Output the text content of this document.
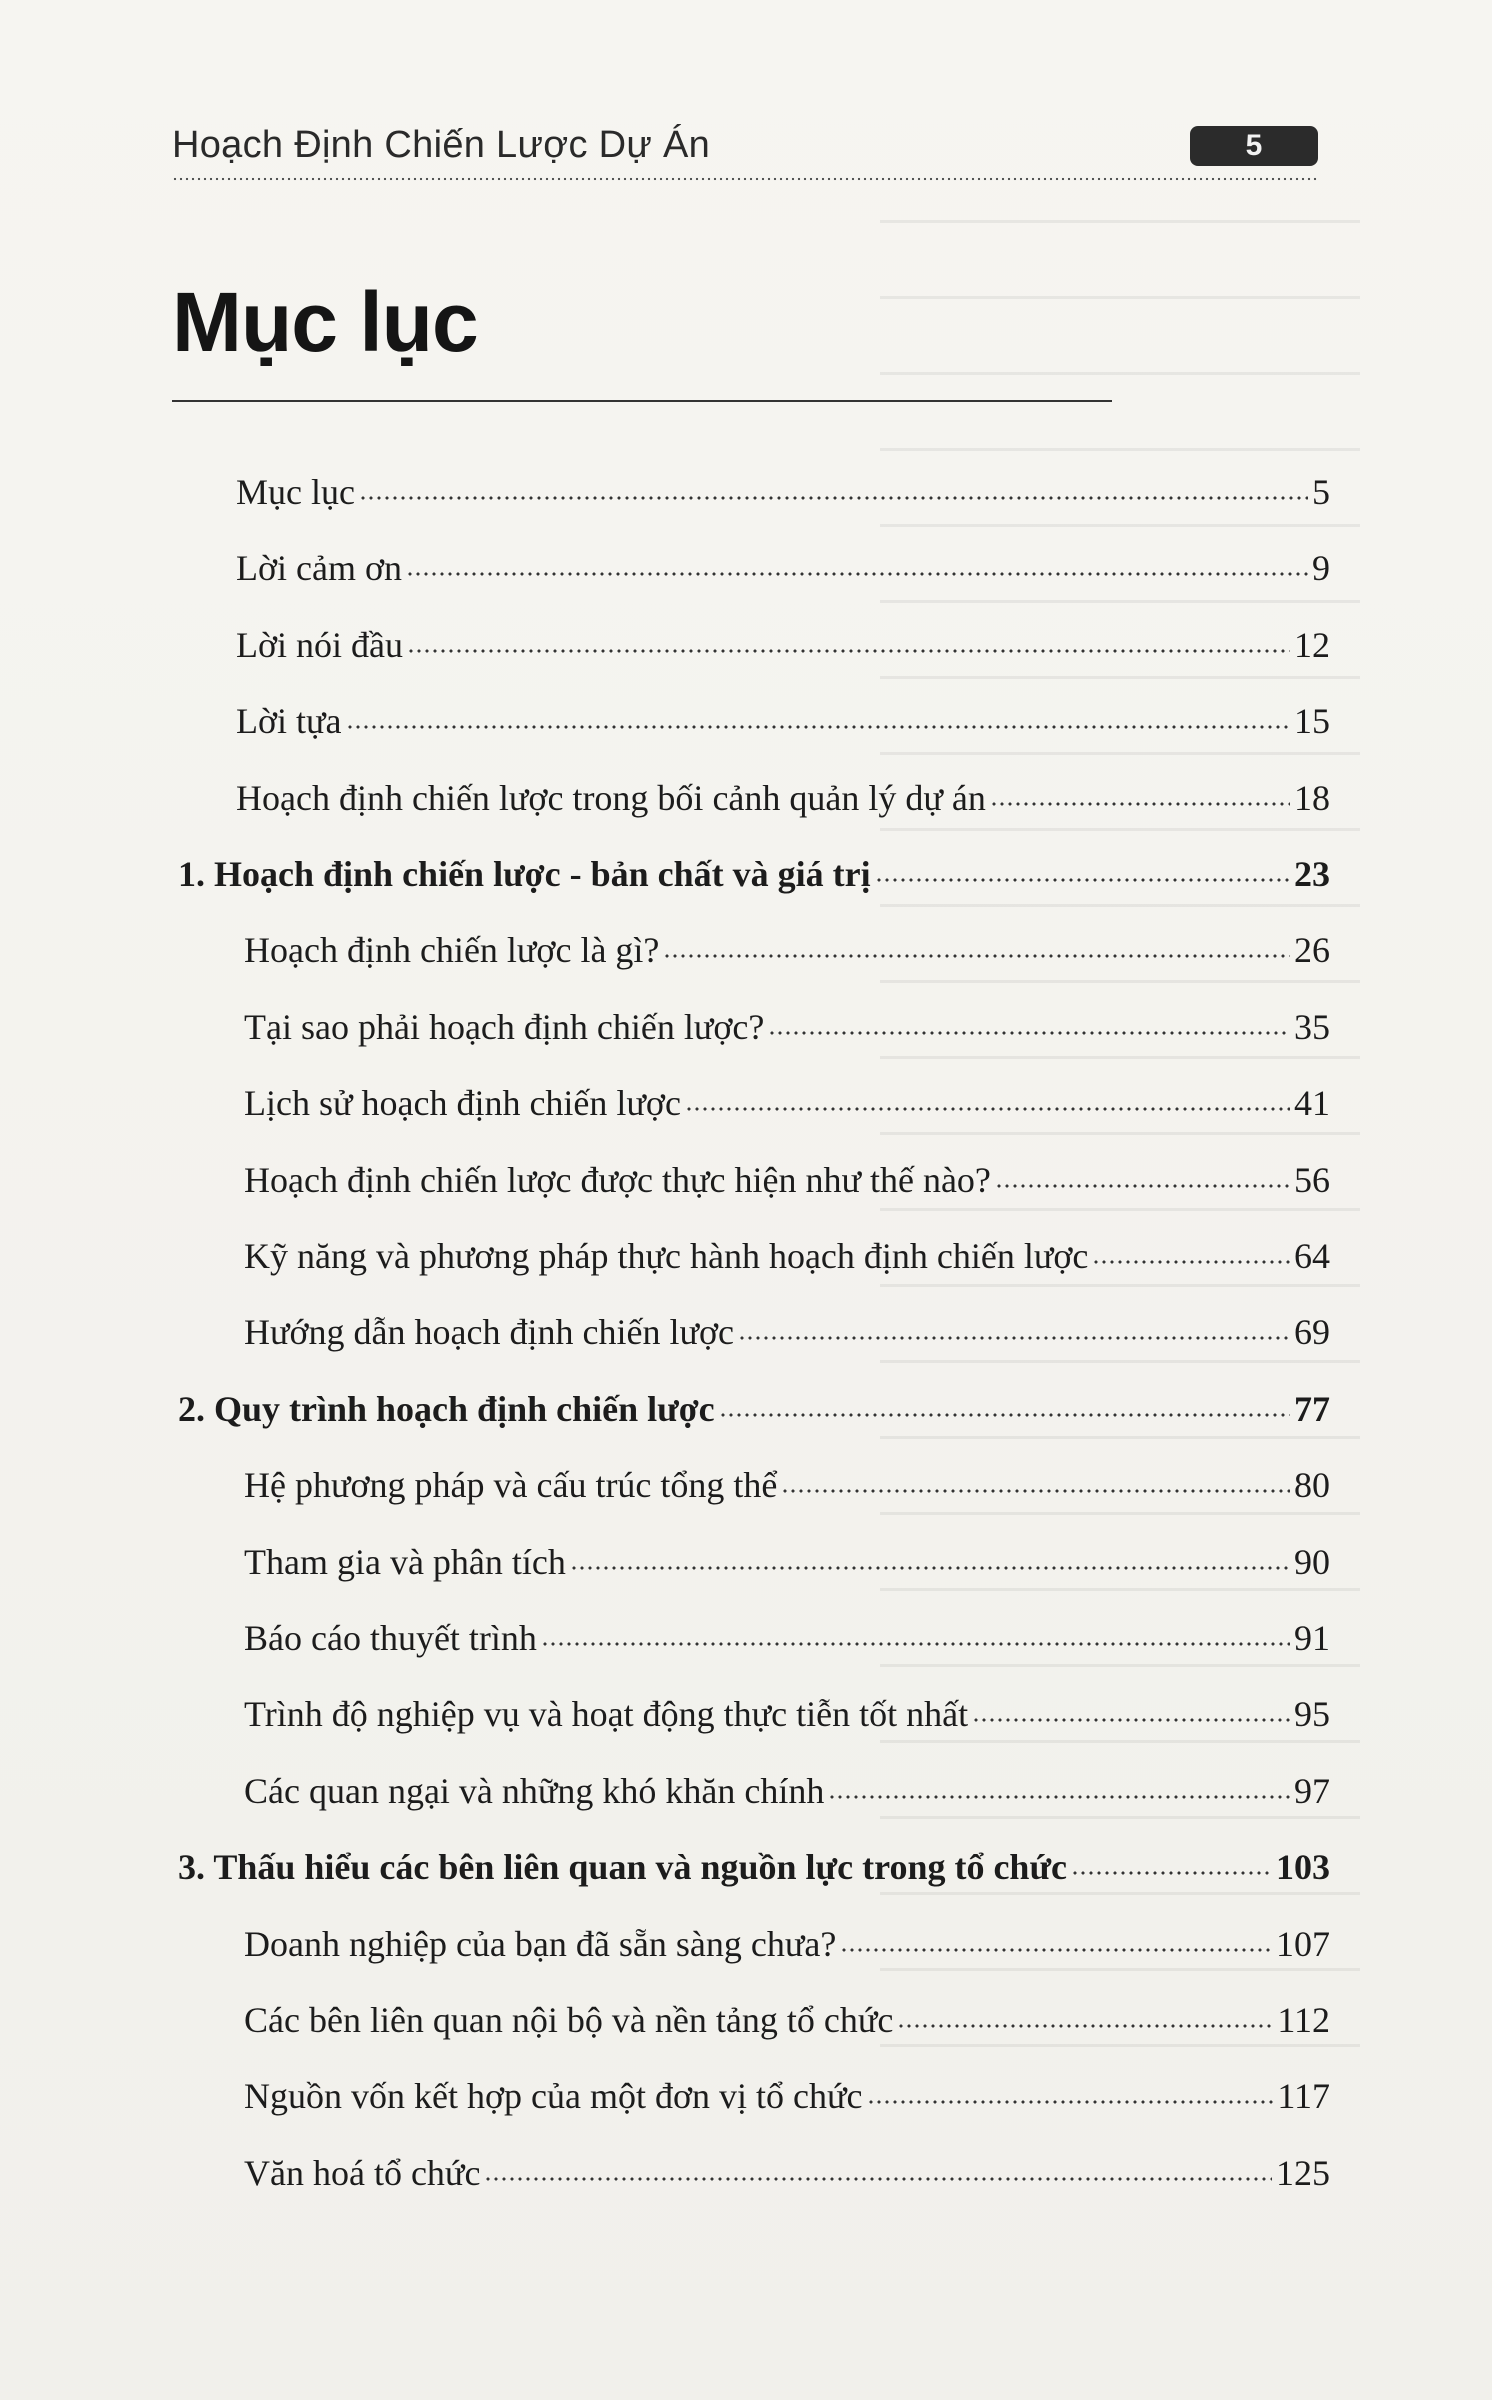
Hoạch Định Chiến Lược Dự Án	5
Mục lục
Mục lục	5
Lời cảm ơn	9
Lời nói đầu	12
Lời tựa	15
Hoạch định chiến lược trong bối cảnh quản lý dự án	18
1. Hoạch định chiến lược - bản chất và giá trị	23
Hoạch định chiến lược là gì?	26
Tại sao phải hoạch định chiến lược?	35
Lịch sử hoạch định chiến lược	41
Hoạch định chiến lược được thực hiện như thế nào?	56
Kỹ năng và phương pháp thực hành hoạch định chiến lược	64
Hướng dẫn hoạch định chiến lược	69
2. Quy trình hoạch định chiến lược	77
Hệ phương pháp và cấu trúc tổng thể	80
Tham gia và phân tích	90
Báo cáo thuyết trình	91
Trình độ nghiệp vụ và hoạt động thực tiễn tốt nhất	95
Các quan ngại và những khó khăn chính	97
3. Thấu hiểu các bên liên quan và nguồn lực trong tổ chức	103
Doanh nghiệp của bạn đã sẵn sàng chưa?	107
Các bên liên quan nội bộ và nền tảng tổ chức	112
Nguồn vốn kết hợp của một đơn vị tổ chức	117
Văn hoá tổ chức	125
